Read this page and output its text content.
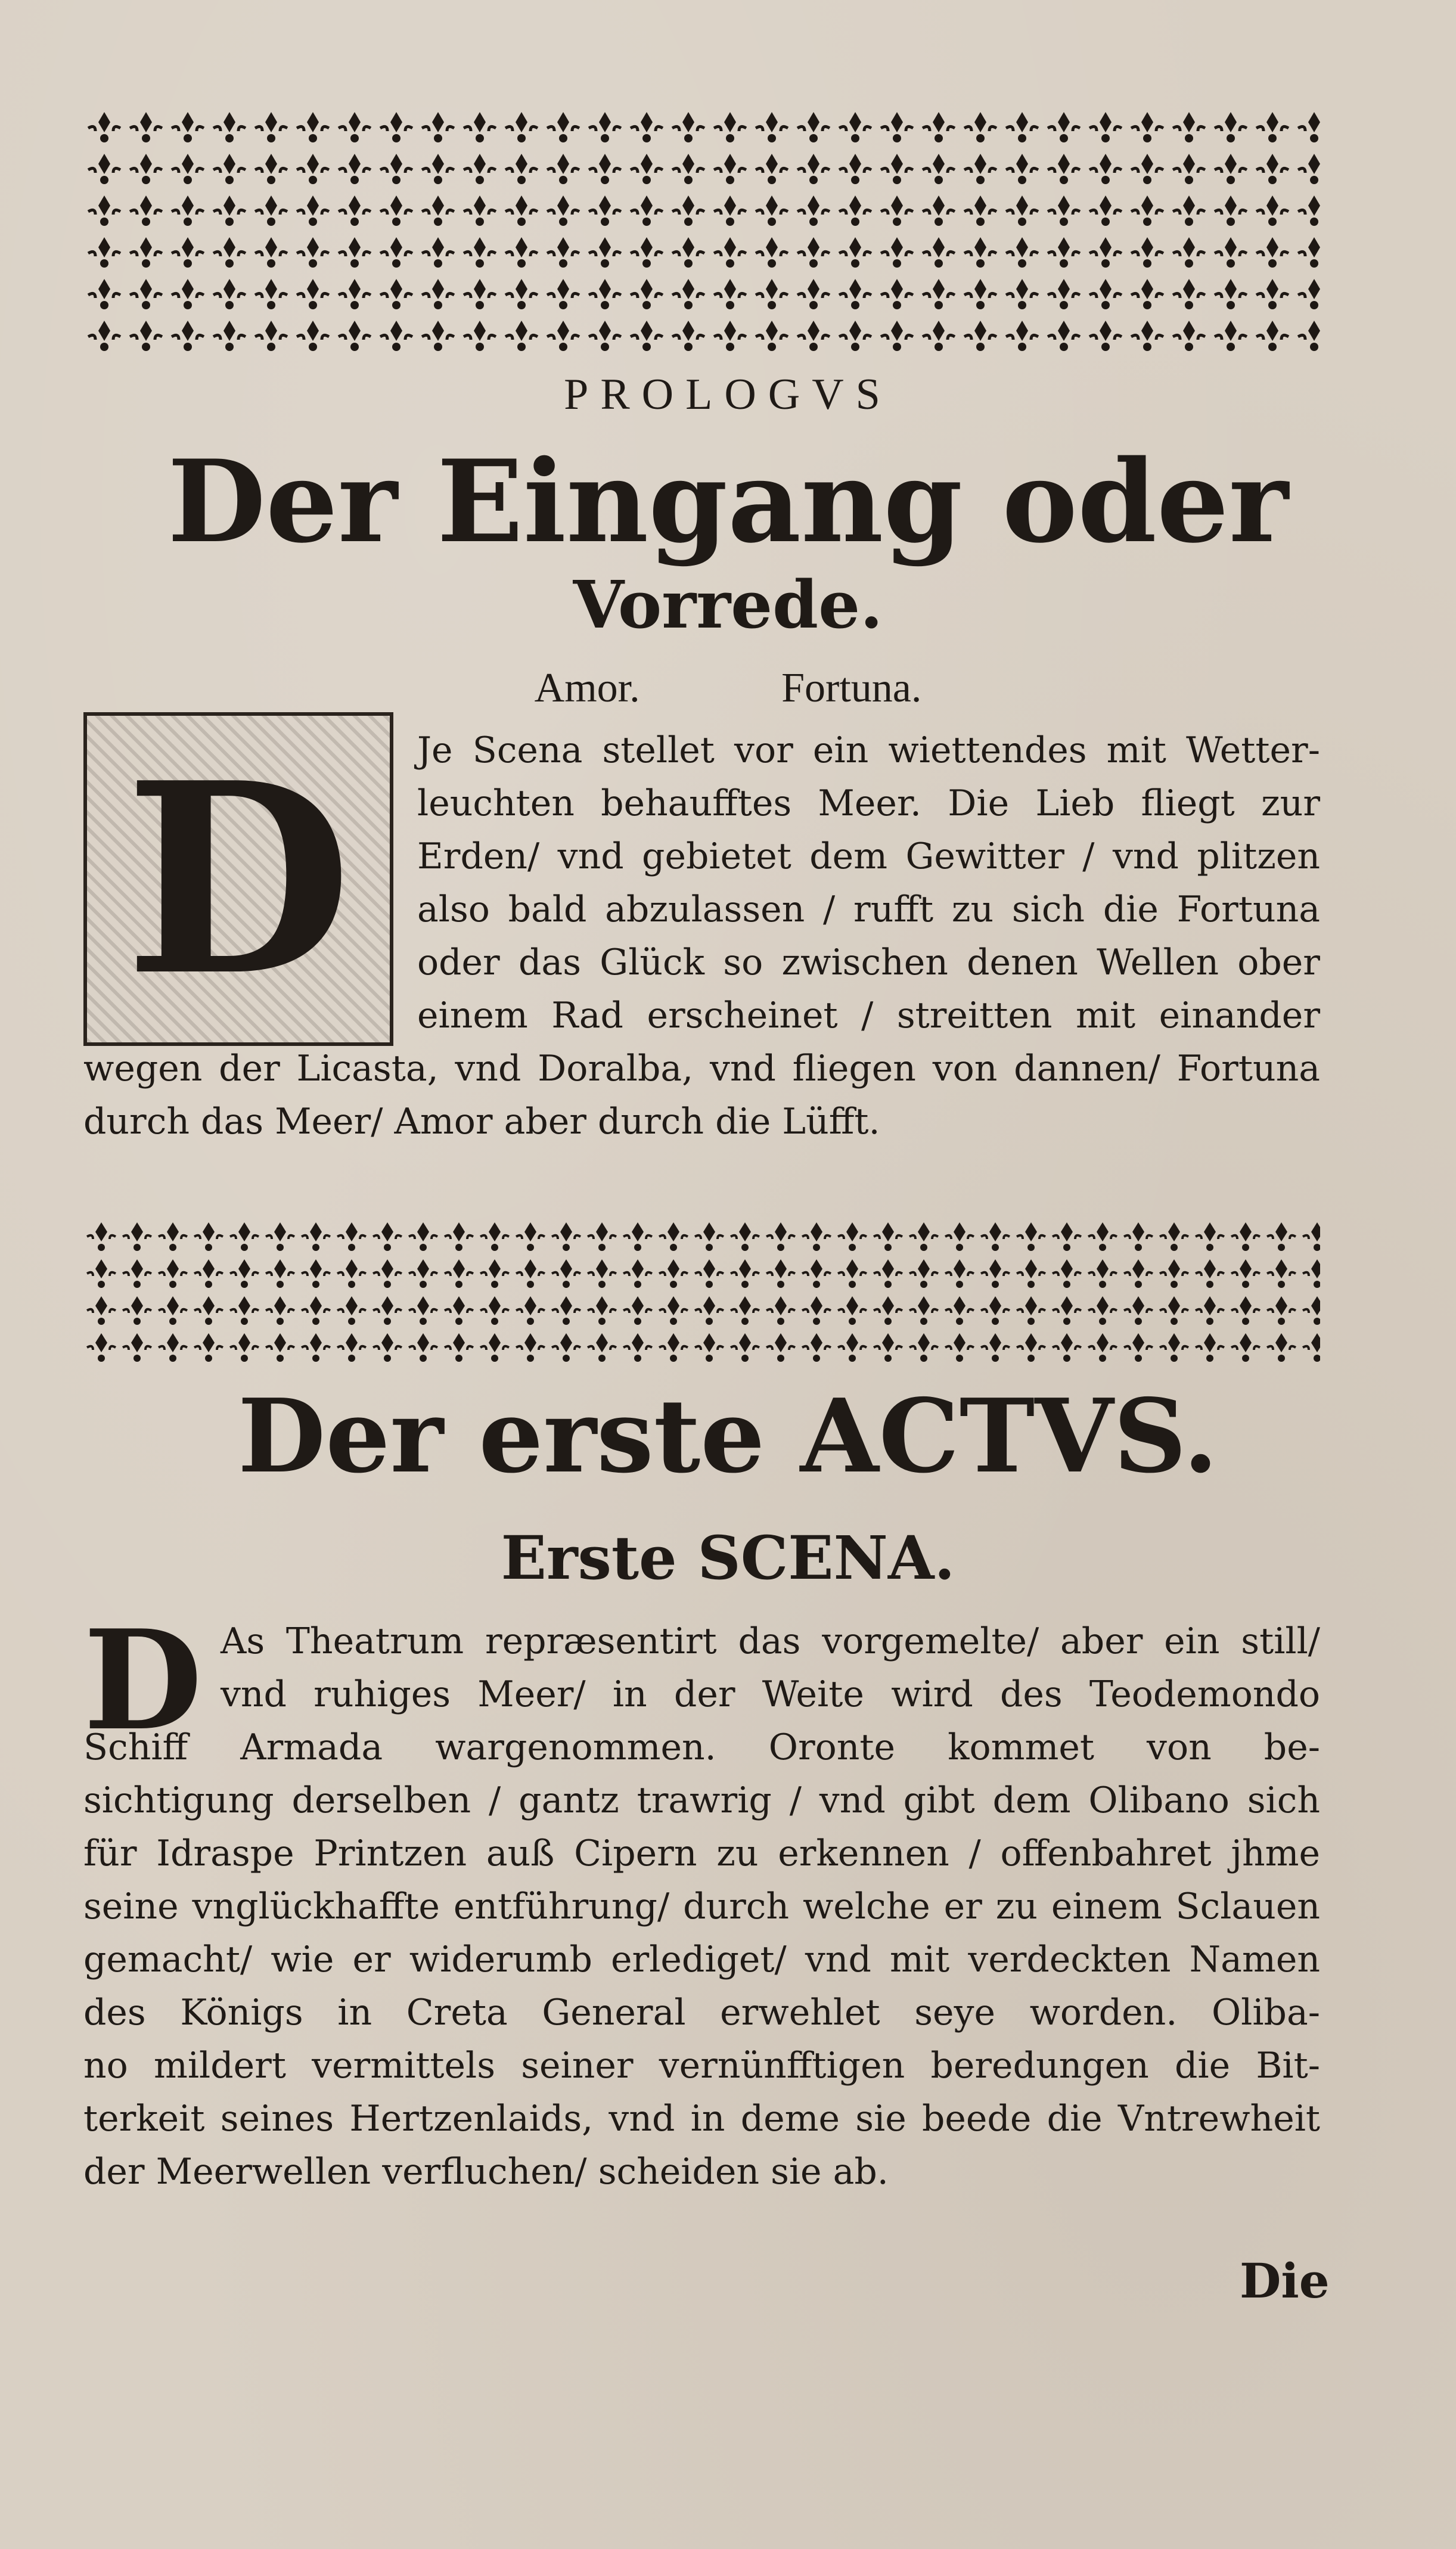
PROLOGVS
Der Eingang oder
Vorrede.
Amor.	Fortuna.
D	Je Scena stellet vor ein wiettendes mit Wetter-
leuchten behaufftes Meer. Die Lieb fliegt zur
Erden/ vnd gebietet dem Gewitter / vnd plitzen
also bald abzulassen / rufft zu sich die Fortuna
oder das Glück so zwischen denen Wellen ober
einem Rad erscheinet / streitten mit einander
wegen der Licasta, vnd Doralba, vnd fliegen von dannen/ Fortuna
durch das Meer/ Amor aber durch die Lüfft.
Der erste ACTVS.
Erste SCENA.
D As Theatrum repræsentirt das vorgemelte/ aber ein still/
vnd ruhiges Meer/ in der Weite wird des Teodemondo
Schiff Armada wargenommen. Oronte kommet von be-
sichtigung derselben / gantz trawrig / vnd gibt dem Olibano sich
für Idraspe Printzen auß Cipern zu erkennen / offenbahret jhme
seine vnglückhaffte entführung/ durch welche er zu einem Sclauen
gemacht/ wie er widerumb erlediget/ vnd mit verdeckten Namen
des Königs in Creta General erwehlet seye worden. Oliba-
no mildert vermittels seiner vernünfftigen beredungen die Bit-
terkeit seines Hertzenlaids, vnd in deme sie beede die Vntrewheit
der Meerwellen verfluchen/ scheiden sie ab.
Die
